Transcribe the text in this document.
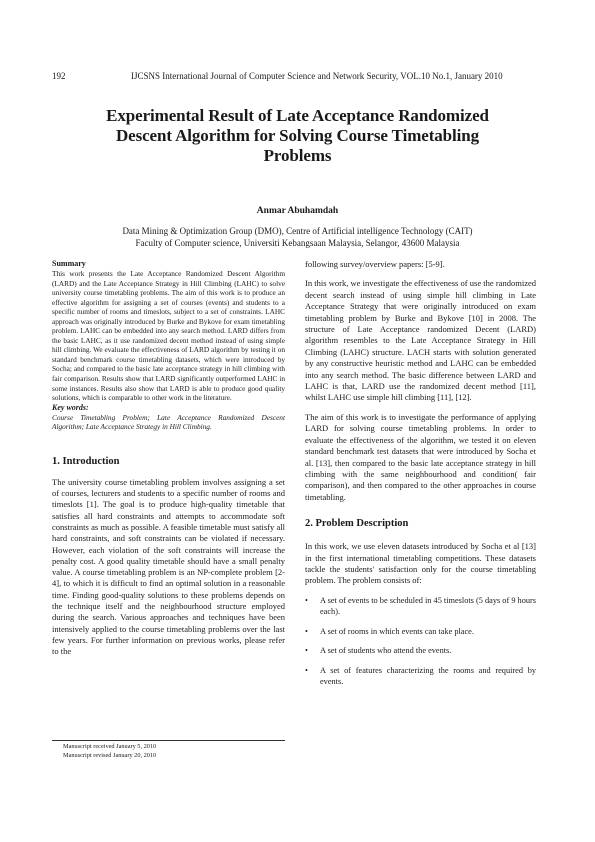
192	IJCSNS International Journal of Computer Science and Network Security, VOL.10 No.1, January 2010
Experimental Result of Late Acceptance Randomized
Descent Algorithm for Solving Course Timetabling
Problems
Anmar Abuhamdah
Data Mining & Optimization Group (DMO), Centre of Artificial intelligence Technology (CAIT)
Faculty of Computer science, Universiti Kebangsaan Malaysia, Selangor, 43600 Malaysia
Summary

This work presents the Late Acceptance Randomized Descent Algorithm (LARD) and the Late Acceptance Strategy in Hill Climbing (LAHC) to solve university course timetabling problems. The aim of this work is to produce an effective algorithm for assigning a set of courses (events) and students to a specific number of rooms and timeslots, subject to a set of constraints. LAHC approach was originally introduced by Burke and Bykove for exam timetabling problem. LAHC can be embedded into any search method. LARD differs from the basic LAHC, as it use randomized decent method instead of using simple hill climbing. We evaluate the effectiveness of LARD algorithm by testing it on standard benchmark course timetabling datasets, which were introduced by Socha; and compared to the basic late acceptance strategy in hill climbing with fair comparison. Results show that LARD significantly outperformed LAHC in some instances. Results also show that LARD is able to produce good quality solutions, which is comparable to other work in the literature.

Key words:

Course Timetabling Problem; Late Acceptance Randomized Descent Algorithm; Late Acceptance Strategy in Hill Climbing.

1. Introduction

The university course timetabling problem involves assigning a set of courses, lecturers and students to a specific number of rooms and timeslots [1]. The goal is to produce high-quality timetable that satisfies all hard constraints and attempts to accommodate soft constraints as much as possible. A feasible timetable must satisfy all hard constraints, and soft constraints can be violated if necessary. However, each violation of the soft constraints will increase the penalty cost. A good quality timetable should have a small penalty value. A course timetabling problem is an NP-complete problem [2-4], to which it is difficult to find an optimal solution in a reasonable time. Finding good-quality solutions to these problems depends on the technique itself and the neighbourhood structure employed during the search. Various approaches and techniques have been intensively applied to the course timetabling problems over the last few years. For further information on previous works, please refer to the

following survey/overview papers: [5-9].

In this work, we investigate the effectiveness of use the randomized decent search instead of using simple hill climbing in Late Acceptance Strategy that were originally introduced on exam timetabling problem by Burke and Bykove [10] in 2008. The structure of Late Acceptance randomized Decent (LARD) algorithm resembles to the Late Acceptance Strategy in Hill Climbing (LAHC) structure. LACH starts with solution generated by any constructive heuristic method and LAHC can be embedded into any search method. The basic difference between LARD and LAHC is that, LARD use the randomized decent method [11], whilst LAHC use simple hill climbing [11], [12].

The aim of this work is to investigate the performance of applying LARD for solving course timetabling problems. In order to evaluate the effectiveness of the algorithm, we tested it on eleven standard benchmark test datasets that were introduced by Socha et al. [13], then compared to the basic late acceptance strategy in hill climbing with the same neighbourhood and condition( fair comparison), and then compared to the other approaches in course timetabling.

2. Problem Description

In this work, we use eleven datasets introduced by Socha et al [13] in the first international timetabling competitions. These datasets tackle the students' satisfaction only for the course timetabling problem. The problem consists of:

• A set of events to be scheduled in 45 timeslots (5 days of 9 hours each).
• A set of rooms in which events can take place.
• A set of students who attend the events.
• A set of features characterizing the rooms and required by events.
Manuscript received January 5, 2010
Manuscript revised January 20, 2010
